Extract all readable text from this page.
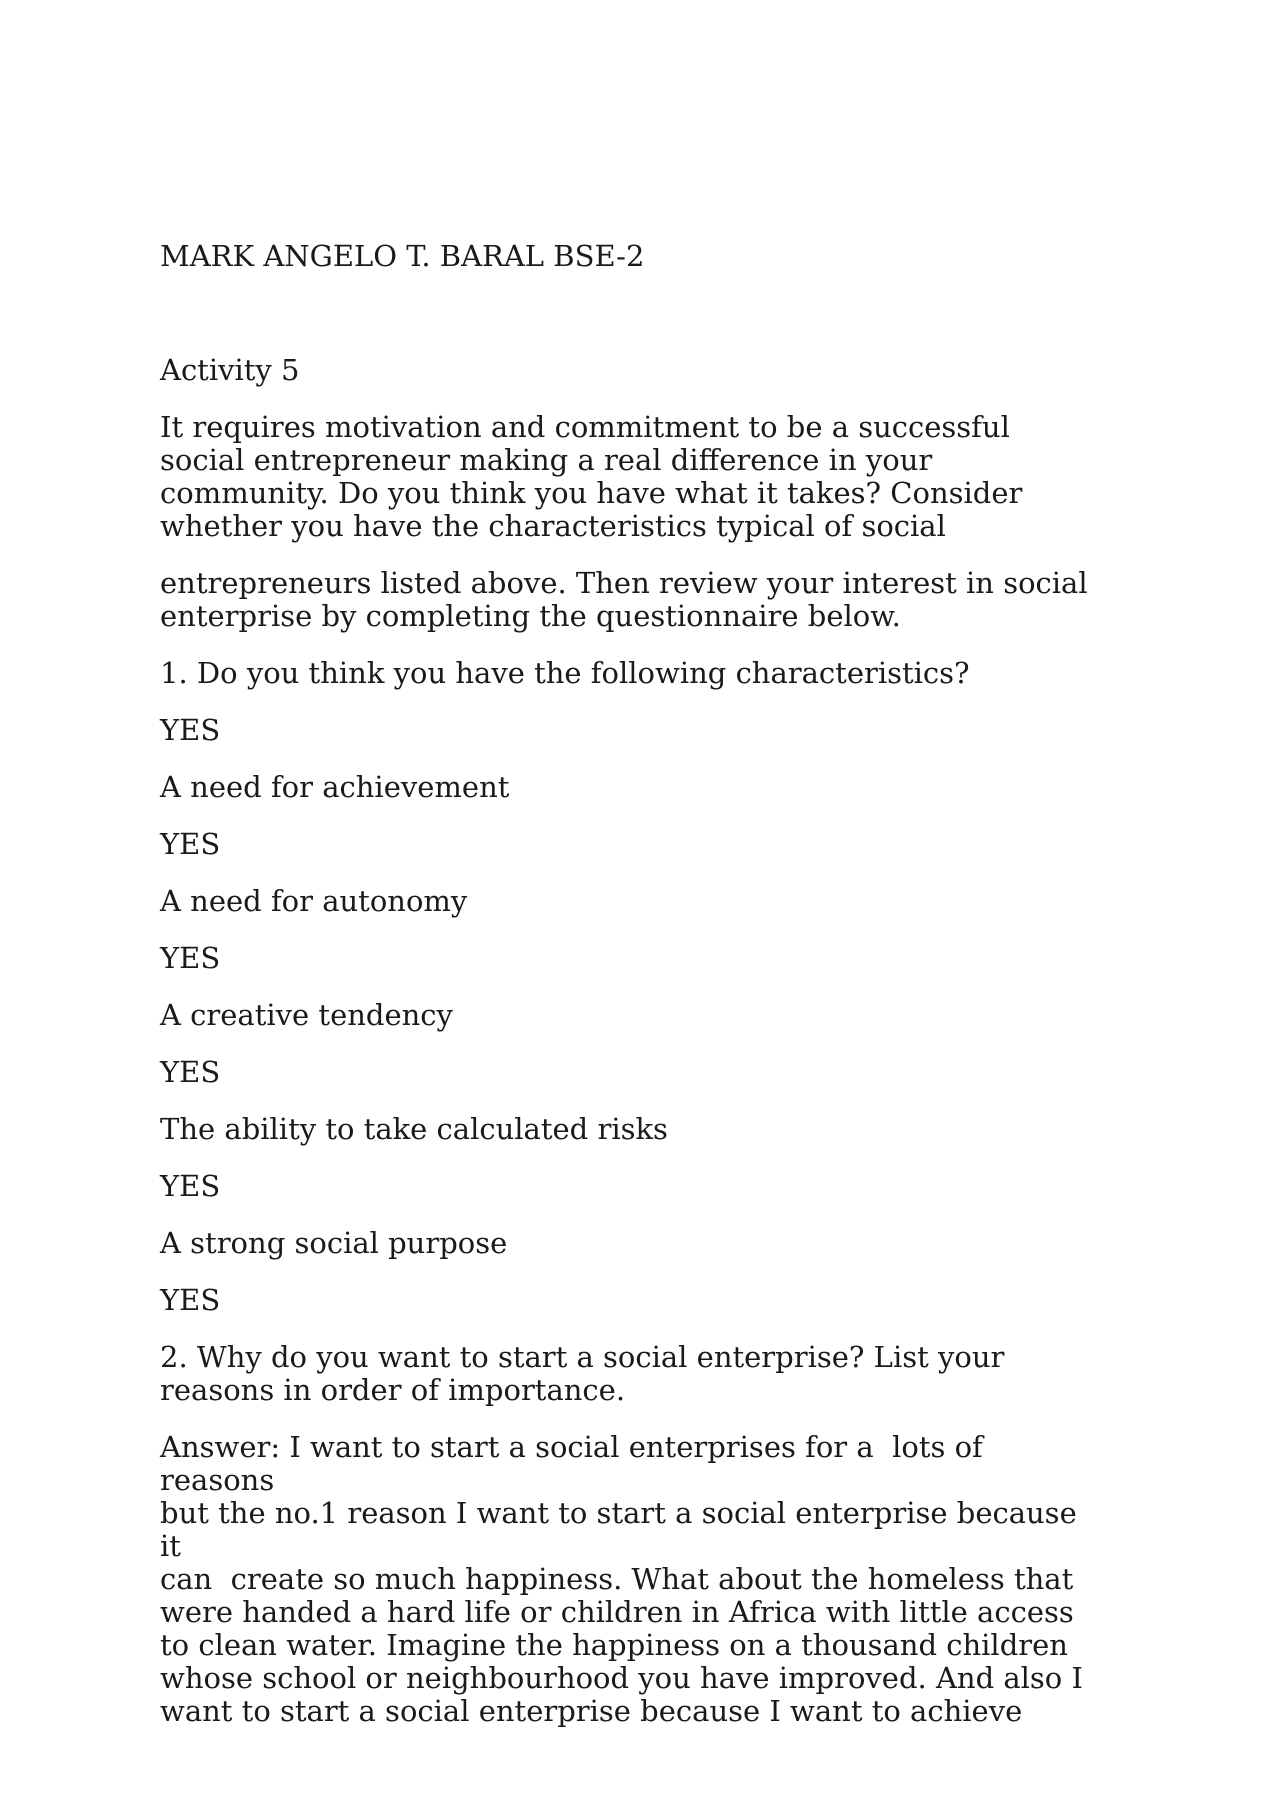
MARK ANGELO T. BARAL BSE-2

Activity 5

It requires motivation and commitment to be a successful
social entrepreneur making a real difference in your
community. Do you think you have what it takes? Consider
whether you have the characteristics typical of social

entrepreneurs listed above. Then review your interest in social
enterprise by completing the questionnaire below.

1. Do you think you have the following characteristics?

YES

A need for achievement

YES

A need for autonomy

YES

A creative tendency

YES

The ability to take calculated risks

YES

A strong social purpose

YES

2. Why do you want to start a social enterprise? List your
reasons in order of importance.

Answer: I want to start a social enterprises for a  lots of reasons
but the no.1 reason I want to start a social enterprise because it
can  create so much happiness. What about the homeless that
were handed a hard life or children in Africa with little access
to clean water. Imagine the happiness on a thousand children
whose school or neighbourhood you have improved. And also I
want to start a social enterprise because I want to achieve
